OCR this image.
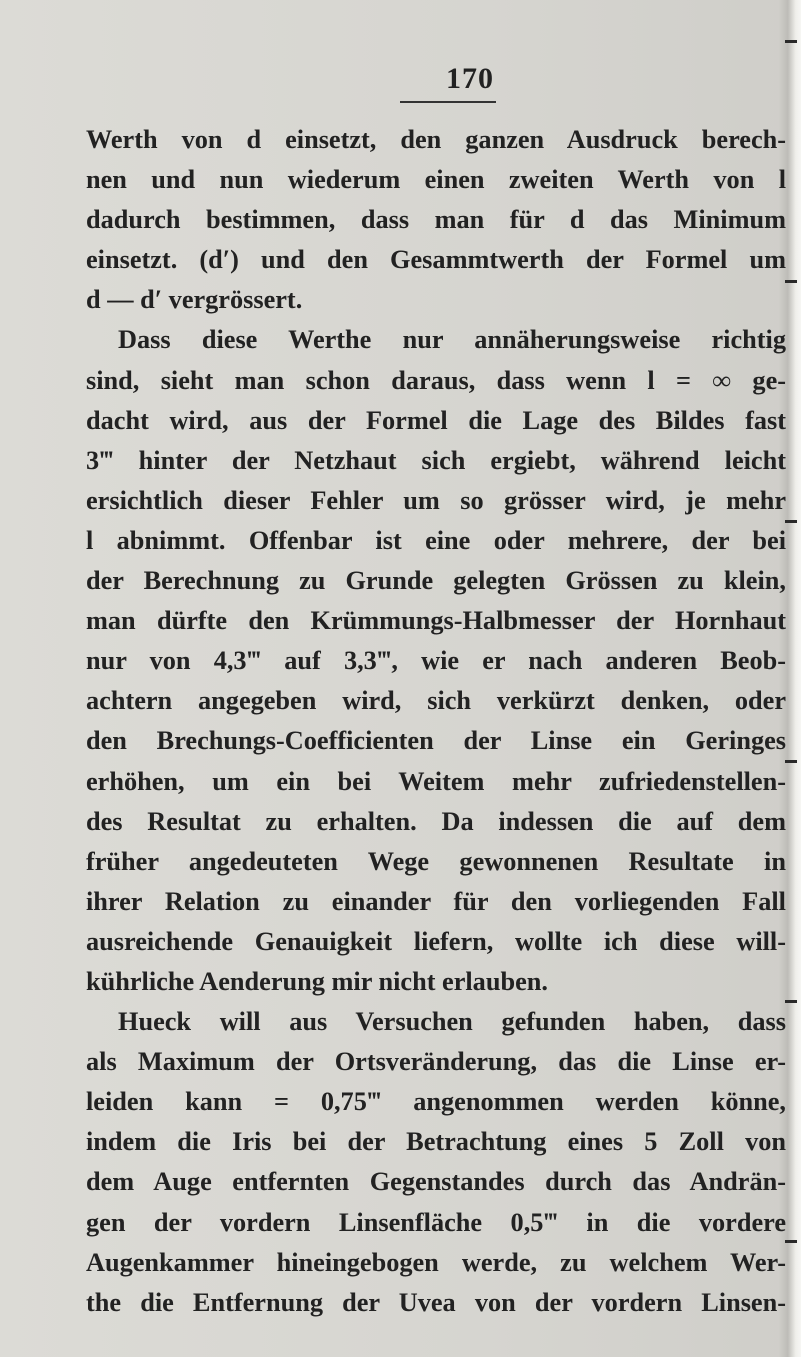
170
Werth von d einsetzt, den ganzen Ausdruck berech-
nen und nun wiederum einen zweiten Werth von l
dadurch bestimmen, dass man für d das Minimum
einsetzt. (d′) und den Gesammtwerth der Formel um
d — d′ vergrössert.
Dass diese Werthe nur annäherungsweise richtig
sind, sieht man schon daraus, dass wenn l = ∞ ge-
dacht wird, aus der Formel die Lage des Bildes fast
3‴ hinter der Netzhaut sich ergiebt, während leicht
ersichtlich dieser Fehler um so grösser wird, je mehr
l abnimmt. Offenbar ist eine oder mehrere, der bei
der Berechnung zu Grunde gelegten Grössen zu klein,
man dürfte den Krümmungs-Halbmesser der Hornhaut
nur von 4,3‴ auf 3,3‴, wie er nach anderen Beob-
achtern angegeben wird, sich verkürzt denken, oder
den Brechungs-Coefficienten der Linse ein Geringes
erhöhen, um ein bei Weitem mehr zufriedenstellen-
des Resultat zu erhalten. Da indessen die auf dem
früher angedeuteten Wege gewonnenen Resultate in
ihrer Relation zu einander für den vorliegenden Fall
ausreichende Genauigkeit liefern, wollte ich diese will-
kührliche Aenderung mir nicht erlauben.
Hueck will aus Versuchen gefunden haben, dass
als Maximum der Ortsveränderung, das die Linse er-
leiden kann = 0,75‴ angenommen werden könne,
indem die Iris bei der Betrachtung eines 5 Zoll von
dem Auge entfernten Gegenstandes durch das Andrän-
gen der vordern Linsenfläche 0,5‴ in die vordere
Augenkammer hineingebogen werde, zu welchem Wer-
the die Entfernung der Uvea von der vordern Linsen-
